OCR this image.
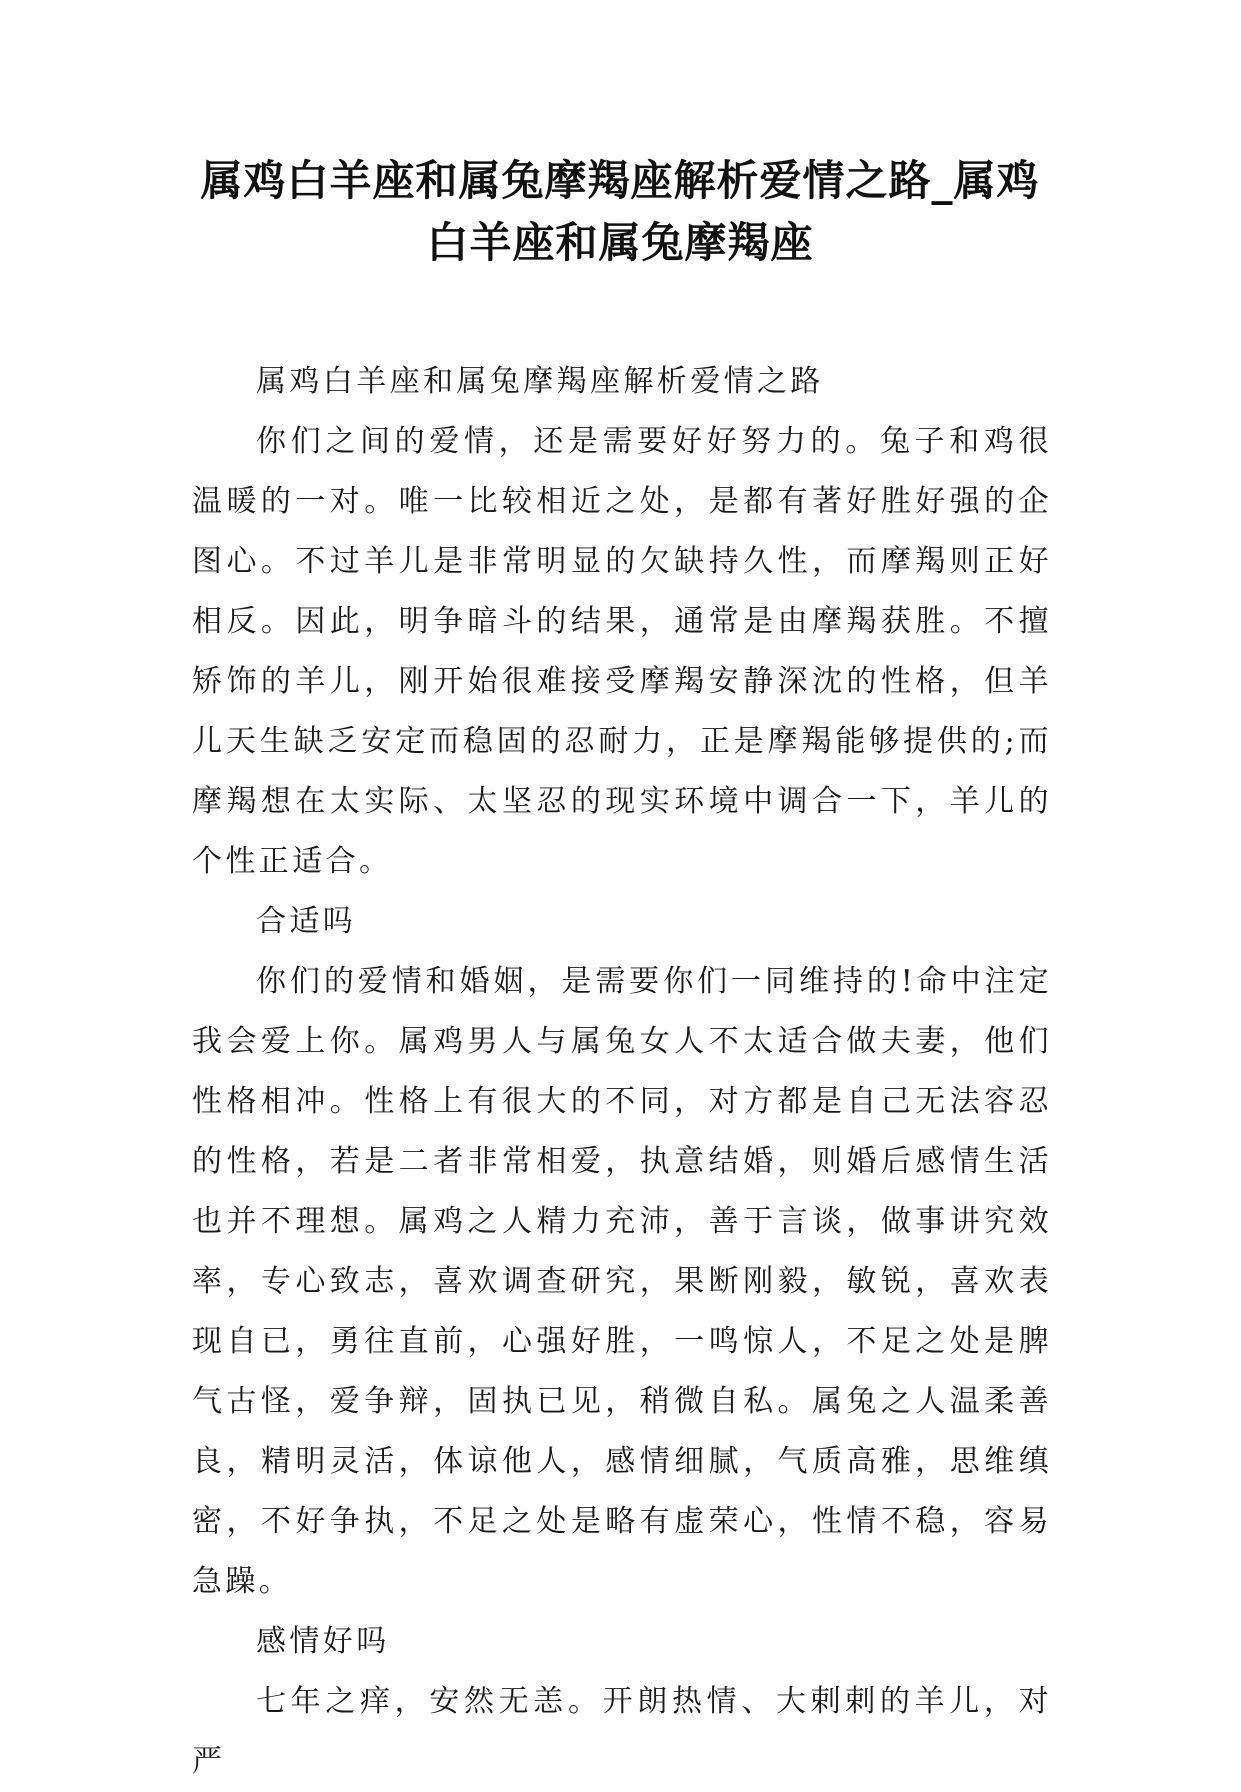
属鸡白羊座和属兔摩羯座解析爱情之路_属鸡白羊座和属兔摩羯座

属鸡白羊座和属兔摩羯座解析爱情之路

你们之间的爱情，还是需要好好努力的。兔子和鸡很温暖的一对。唯一比较相近之处，是都有著好胜好强的企图心。不过羊儿是非常明显的欠缺持久性，而摩羯则正好相反。因此，明争暗斗的结果，通常是由摩羯获胜。不擅矫饰的羊儿，刚开始很难接受摩羯安静深沈的性格，但羊儿天生缺乏安定而稳固的忍耐力，正是摩羯能够提供的;而摩羯想在太实际、太坚忍的现实环境中调合一下，羊儿的个性正适合。

合适吗

你们的爱情和婚姻，是需要你们一同维持的!命中注定我会爱上你。属鸡男人与属兔女人不太适合做夫妻，他们性格相冲。性格上有很大的不同，对方都是自己无法容忍的性格，若是二者非常相爱，执意结婚，则婚后感情生活也并不理想。属鸡之人精力充沛，善于言谈，做事讲究效率，专心致志，喜欢调查研究，果断刚毅，敏锐，喜欢表现自已，勇往直前，心强好胜，一鸣惊人，不足之处是脾气古怪，爱争辩，固执已见，稍微自私。属兔之人温柔善良，精明灵活，体谅他人，感情细腻，气质高雅，思维缜密，不好争执，不足之处是略有虚荣心，性情不稳，容易急躁。

感情好吗

七年之痒，安然无恙。开朗热情、大剌剌的羊儿，对严
